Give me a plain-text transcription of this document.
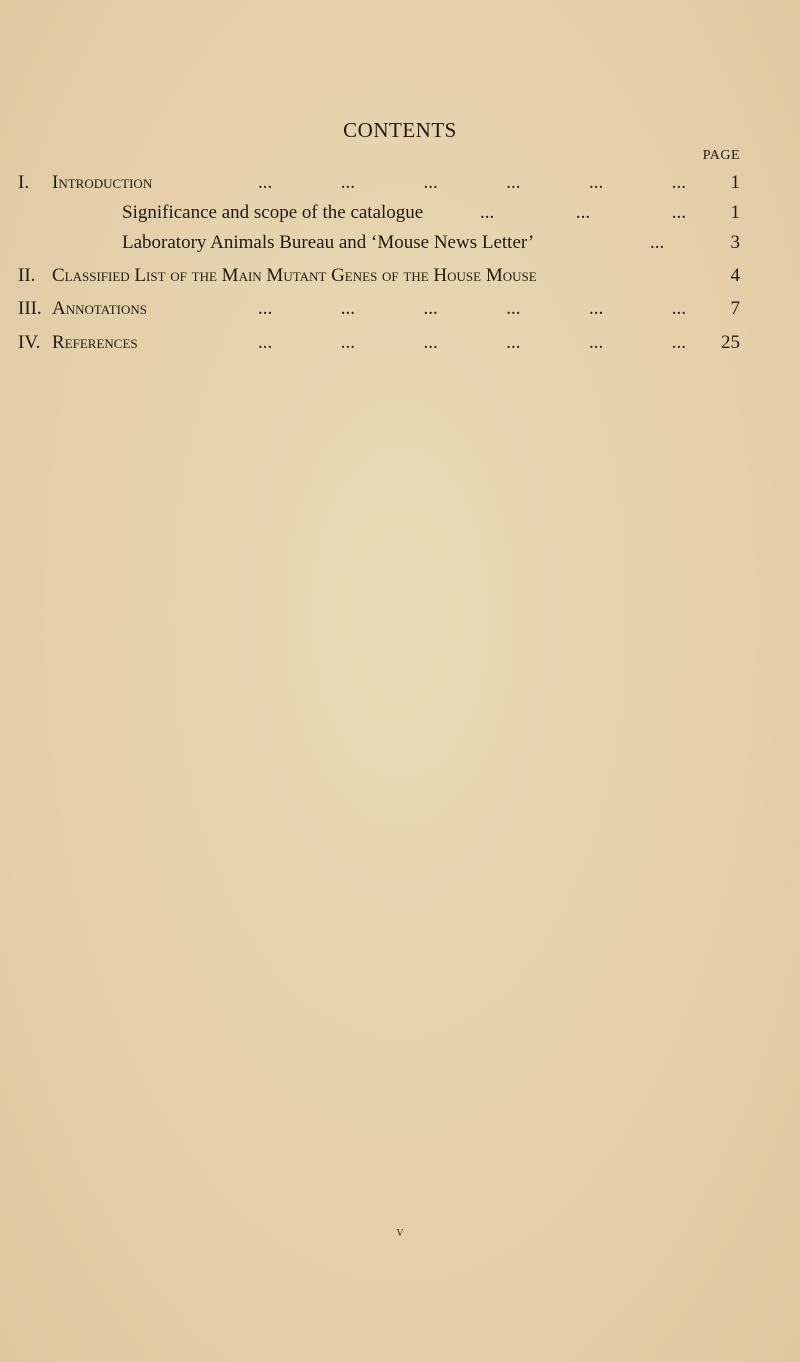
CONTENTS
PAGE
I. Introduction	...	...	...	...	...	... 1
Significance and scope of the catalogue	...	...	... 1
Laboratory Animals Bureau and ‘Mouse News Letter’	...	3
II. Classified List of the Main Mutant Genes of the House Mouse	4
III. Annotations	...	...	...	...	...	... 7
IV. References	...	...	...	...	...	... 25
v
